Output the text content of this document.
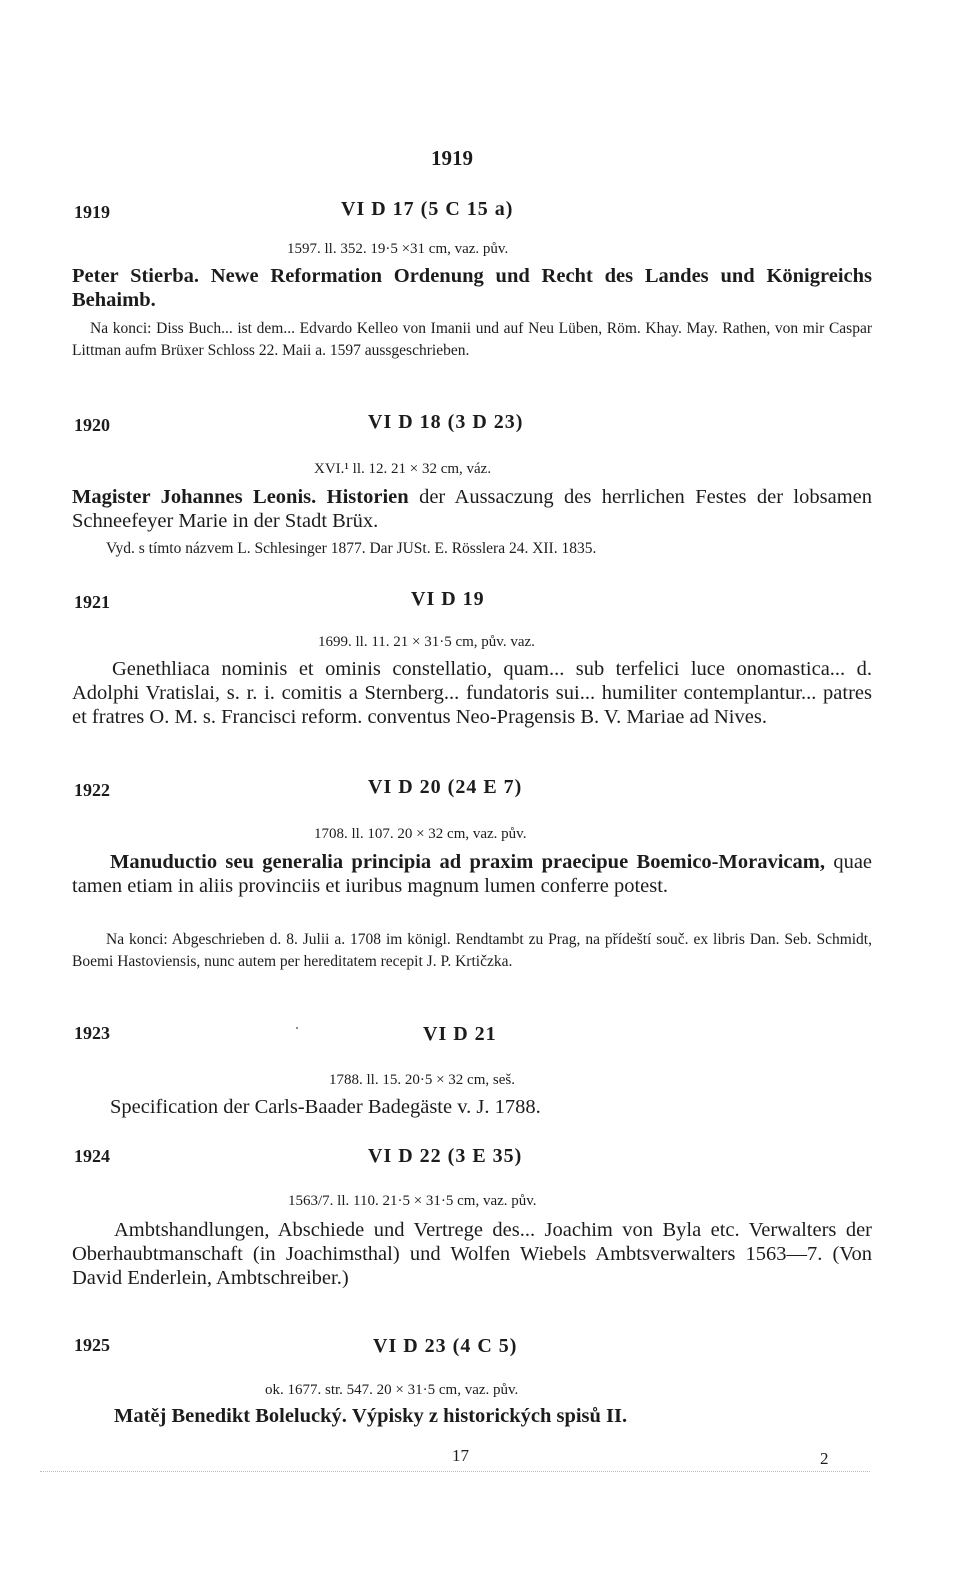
1919
1919	VI D 17 (5 C 15 a)
1597. ll. 352. 19·5 ×31 cm, vaz. pův.

Peter Stierba. Newe Reformation Ordenung und Recht des Landes und Königreichs Behaimb.

Na konci: Diss Buch... ist dem... Edvardo Kelleo von Imanii und auf Neu Lüben, Röm. Khay. May. Rathen, von mir Caspar Littman aufm Brüxer Schloss 22. Maii a. 1597 aussgeschrieben.

1920	VI D 18 (3 D 23)
XVI.¹ ll. 12. 21 × 32 cm, váz.

Magister Johannes Leonis. Historien der Aussaczung des herrlichen Festes der lobsamen Schneefeyer Marie in der Stadt Brüx.

Vyd. s tímto názvem L. Schlesinger 1877. Dar JUSt. E. Rösslera 24. XII. 1835.

1921	VI D 19
1699. ll. 11. 21 × 31·5 cm, pův. vaz.

Genethliaca nominis et ominis constellatio, quam... sub terfelici luce onomastica... d. Adolphi Vratislai, s. r. i. comitis a Sternberg... fundatoris sui... humiliter contemplantur... patres et fratres O. M. s. Francisci reform. conventus Neo-Pragensis B. V. Mariae ad Nives.

1922	VI D 20 (24 E 7)
1708. ll. 107. 20 × 32 cm, vaz. pův.

Manuductio seu generalia principia ad praxim praecipue Boemico-Moravicam, quae tamen etiam in aliis provinciis et iuribus magnum lumen conferre potest.

Na konci: Abgeschrieben d. 8. Julii a. 1708 im königl. Rendtambt zu Prag, na přídeští souč. ex libris Dan. Seb. Schmidt, Boemi Hastoviensis, nunc autem per hereditatem recepit J. P. Krtičzka.

1923	VI D 21
1788. ll. 15. 20·5 × 32 cm, seš.

Specification der Carls-Baader Badegäste v. J. 1788.

1924	VI D 22 (3 E 35)
1563/7. ll. 110. 21·5 × 31·5 cm, vaz. pův.

Ambtshandlungen, Abschiede und Vertrege des... Joachim von Byla etc. Verwalters der Oberhaubtmanschaft (in Joachimsthal) und Wolfen Wiebels Ambtsverwalters 1563—7. (Von David Enderlein, Ambtschreiber.)

1925	VI D 23 (4 C 5)
ok. 1677. str. 547. 20 × 31·5 cm, vaz. pův.

Matěj Benedikt Bolelucký. Výpisky z historických spisů II.

17	2
